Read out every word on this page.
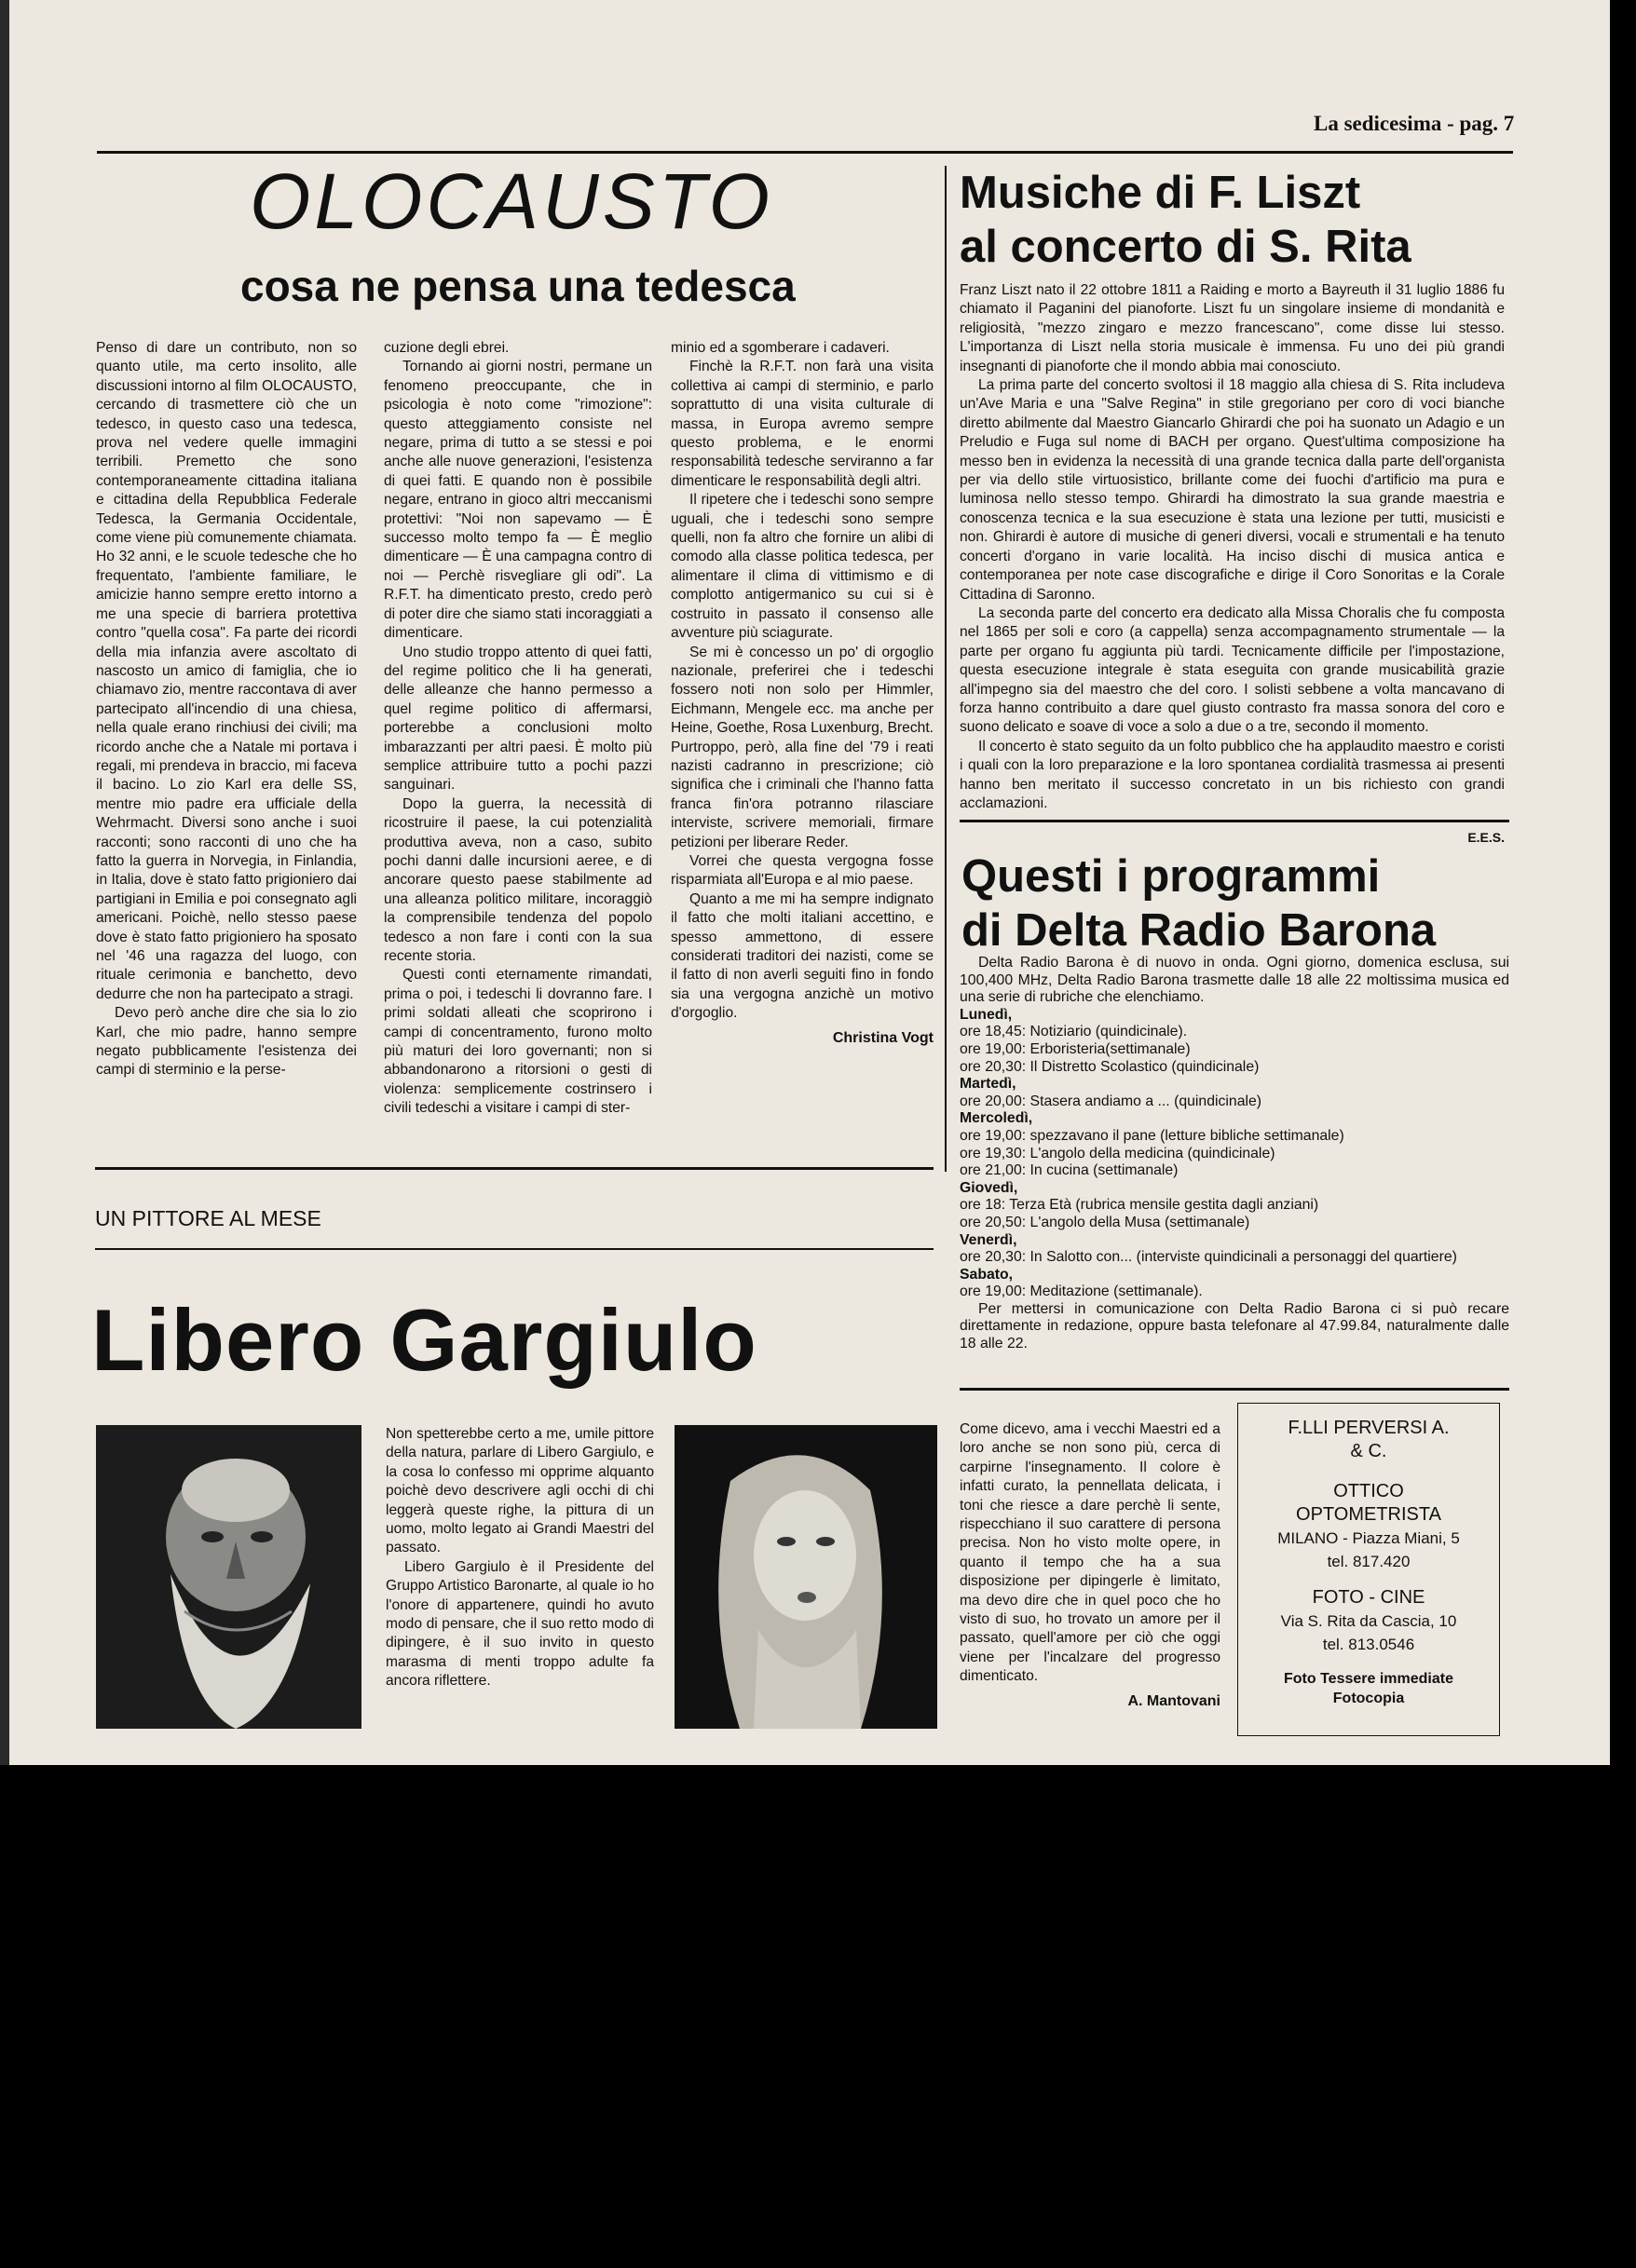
La sedicesima - pag. 7
OLOCAUSTO
cosa ne pensa una tedesca

Penso di dare un contributo, non so quanto utile, ma certo insolito, alle discussioni intorno al film OLOCAUSTO, cercando di trasmettere ciò che un tedesco, in questo caso una tedesca, prova nel vedere quelle immagini terribili. Premetto che sono contemporaneamente cittadina italiana e cittadina della Repubblica Federale Tedesca, la Germania Occidentale, come viene più comunemente chiamata. Ho 32 anni, e le scuole tedesche che ho frequentato, l'ambiente familiare, le amicizie hanno sempre eretto intorno a me una specie di barriera protettiva contro "quella cosa". Fa parte dei ricordi della mia infanzia avere ascoltato di nascosto un amico di famiglia, che io chiamavo zio, mentre raccontava di aver partecipato all'incendio di una chiesa, nella quale erano rinchiusi dei civili; ma ricordo anche che a Natale mi portava i regali, mi prendeva in braccio, mi faceva il bacino. Lo zio Karl era delle SS, mentre mio padre era ufficiale della Wehrmacht. Diversi sono anche i suoi racconti; sono racconti di uno che ha fatto la guerra in Norvegia, in Finlandia, in Italia, dove è stato fatto prigioniero dai partigiani in Emilia e poi consegnato agli americani. Poichè, nello stesso paese dove è stato fatto prigioniero ha sposato nel '46 una ragazza del luogo, con rituale cerimonia e banchetto, devo dedurre che non ha partecipato a stragi.

Devo però anche dire che sia lo zio Karl, che mio padre, hanno sempre negato pubblicamente l'esistenza dei campi di sterminio e la perse-

cuzione degli ebrei.

Tornando ai giorni nostri, permane un fenomeno preoccupante, che in psicologia è noto come "rimozione": questo atteggiamento consiste nel negare, prima di tutto a se stessi e poi anche alle nuove generazioni, l'esistenza di quei fatti. E quando non è possibile negare, entrano in gioco altri meccanismi protettivi: "Noi non sapevamo — È successo molto tempo fa — È meglio dimenticare — È una campagna contro di noi — Perchè risvegliare gli odi". La R.F.T. ha dimenticato presto, credo però di poter dire che siamo stati incoraggiati a dimenticare.

Uno studio troppo attento di quei fatti, del regime politico che li ha generati, delle alleanze che hanno permesso a quel regime politico di affermarsi, porterebbe a conclusioni molto imbarazzanti per altri paesi. È molto più semplice attribuire tutto a pochi pazzi sanguinari.

Dopo la guerra, la necessità di ricostruire il paese, la cui potenzialità produttiva aveva, non a caso, subito pochi danni dalle incursioni aeree, e di ancorare questo paese stabilmente ad una alleanza politico militare, incoraggiò la comprensibile tendenza del popolo tedesco a non fare i conti con la sua recente storia.

Questi conti eternamente rimandati, prima o poi, i tedeschi li dovranno fare. I primi soldati alleati che scoprirono i campi di concentramento, furono molto più maturi dei loro governanti; non si abbandonarono a ritorsioni o gesti di violenza: semplicemente costrinsero i civili tedeschi a visitare i campi di ster-

minio ed a sgomberare i cadaveri.

Finchè la R.F.T. non farà una visita collettiva ai campi di sterminio, e parlo soprattutto di una visita culturale di massa, in Europa avremo sempre questo problema, e le enormi responsabilità tedesche serviranno a far dimenticare le responsabilità degli altri.

Il ripetere che i tedeschi sono sempre uguali, che i tedeschi sono sempre quelli, non fa altro che fornire un alibi di comodo alla classe politica tedesca, per alimentare il clima di vittimismo e di complotto antigermanico su cui si è costruito in passato il consenso alle avventure più sciagurate.

Se mi è concesso un po' di orgoglio nazionale, preferirei che i tedeschi fossero noti non solo per Himmler, Eichmann, Mengele ecc. ma anche per Heine, Goethe, Rosa Luxenburg, Brecht. Purtroppo, però, alla fine del '79 i reati nazisti cadranno in prescrizione; ciò significa che i criminali che l'hanno fatta franca fin'ora potranno rilasciare interviste, scrivere memoriali, firmare petizioni per liberare Reder.

Vorrei che questa vergogna fosse risparmiata all'Europa e al mio paese.

Quanto a me mi ha sempre indignato il fatto che molti italiani accettino, e spesso ammettono, di essere considerati traditori dei nazisti, come se il fatto di non averli seguiti fino in fondo sia una vergogna anzichè un motivo d'orgoglio.

Christina Vogt
Musiche di F. Liszt
al concerto di S. Rita

Franz Liszt nato il 22 ottobre 1811 a Raiding e morto a Bayreuth il 31 luglio 1886 fu chiamato il Paganini del pianoforte. Liszt fu un singolare insieme di mondanità e religiosità, "mezzo zingaro e mezzo francescano", come disse lui stesso. L'importanza di Liszt nella storia musicale è immensa. Fu uno dei più grandi insegnanti di pianoforte che il mondo abbia mai conosciuto.

La prima parte del concerto svoltosi il 18 maggio alla chiesa di S. Rita includeva un'Ave Maria e una "Salve Regina" in stile gregoriano per coro di voci bianche diretto abilmente dal Maestro Giancarlo Ghirardi che poi ha suonato un Adagio e un Preludio e Fuga sul nome di BACH per organo. Quest'ultima composizione ha messo ben in evidenza la necessità di una grande tecnica dalla parte dell'organista per via dello stile virtuosistico, brillante come dei fuochi d'artificio ma pura e luminosa nello stesso tempo. Ghirardi ha dimostrato la sua grande maestria e conoscenza tecnica e la sua esecuzione è stata una lezione per tutti, musicisti e non. Ghirardi è autore di musiche di generi diversi, vocali e strumentali e ha tenuto concerti d'organo in varie località. Ha inciso dischi di musica antica e contemporanea per note case discografiche e dirige il Coro Sonoritas e la Corale Cittadina di Saronno.

La seconda parte del concerto era dedicato alla Missa Choralis che fu composta nel 1865 per soli e coro (a cappella) senza accompagnamento strumentale — la parte per organo fu aggiunta più tardi. Tecnicamente difficile per l'impostazione, questa esecuzione integrale è stata eseguita con grande musicabilità grazie all'impegno sia del maestro che del coro. I solisti sebbene a volta mancavano di forza hanno contribuito a dare quel giusto contrasto fra massa sonora del coro e suono delicato e soave di voce a solo a due o a tre, secondo il momento.

Il concerto è stato seguito da un folto pubblico che ha applaudito maestro e coristi i quali con la loro preparazione e la loro spontanea cordialità trasmessa ai presenti hanno ben meritato il successo concretato in un bis richiesto con grandi acclamazioni.

E.E.S.
Questi i programmi
di Delta Radio Barona
Delta Radio Barona è di nuovo in onda. Ogni giorno, domenica esclusa, sui 100,400 MHz, Delta Radio Barona trasmette dalle 18 alle 22 moltissima musica ed una serie di rubriche che elenchiamo.
Lunedì,
ore 18,45: Notiziario (quindicinale).
ore 19,00: Erboristeria(settimanale)
ore 20,30: Il Distretto Scolastico (quindicinale)
Martedì,
ore 20,00: Stasera andiamo a ... (quindicinale)
Mercoledì,
ore 19,00: spezzavano il pane (letture bibliche settimanale)
ore 19,30: L'angolo della medicina (quindicinale)
ore 21,00: In cucina (settimanale)
Giovedì,
ore 18: Terza Età (rubrica mensile gestita dagli anziani)
ore 20,50: L'angolo della Musa (settimanale)
Venerdì,
ore 20,30: In Salotto con... (interviste quindicinali a personaggi del quartiere)
Sabato,
ore 19,00: Meditazione (settimanale).
Per mettersi in comunicazione con Delta Radio Barona ci si può recare direttamente in redazione, oppure basta telefonare al 47.99.84, naturalmente dalle 18 alle 22.
UN PITTORE AL MESE
Libero Gargiulo

Non spetterebbe certo a me, umile pittore della natura, parlare di Libero Gargiulo, e la cosa lo confesso mi opprime alquanto poichè devo descrivere agli occhi di chi leggerà queste righe, la pittura di un uomo, molto legato ai Grandi Maestri del passato.

Libero Gargiulo è il Presidente del Gruppo Artistico Baronarte, al quale io ho l'onore di appartenere, quindi ho avuto modo di pensare, che il suo retto modo di dipingere, è il suo invito in questo marasma di menti troppo adulte fa ancora riflettere.

Come dicevo, ama i vecchi Maestri ed a loro anche se non sono più, cerca di carpirne l'insegnamento. Il colore è infatti curato, la pennellata delicata, i toni che riesce a dare perchè li sente, rispecchiano il suo carattere di persona precisa. Non ho visto molte opere, in quanto il tempo che ha a sua disposizione per dipingerle è limitato, ma devo dire che in quel poco che ho visto di suo, ho trovato un amore per il passato, quell'amore per ciò che oggi viene per l'incalzare del progresso dimenticato.

A. Mantovani
F.LLI PERVERSI A.
& C.
OTTICO
OPTOMETRISTA
MILANO - Piazza Miani, 5
tel. 817.420
FOTO - CINE
Via S. Rita da Cascia, 10
tel. 813.0546
Foto Tessere immediate
Fotocopia
